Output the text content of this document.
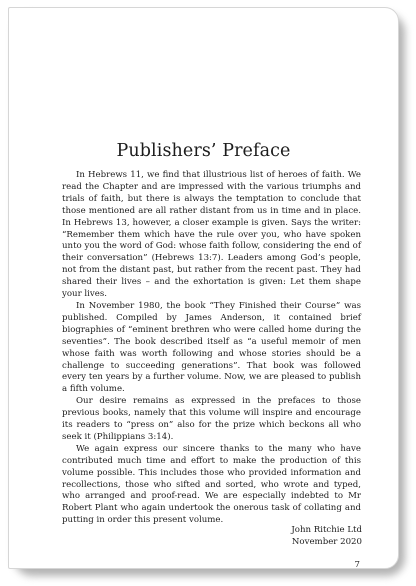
Publishers’ Preface

In Hebrews 11, we find that illustrious list of heroes of faith. We read the Chapter and are impressed with the various triumphs and trials of faith, but there is always the temptation to conclude that those mentioned are all rather distant from us in time and in place. In Hebrews 13, however, a closer example is given. Says the writer: “Remember them which have the rule over you, who have spoken unto you the word of God: whose faith follow, considering the end of their conversation” (Hebrews 13:7). Leaders among God’s people, not from the distant past, but rather from the recent past. They had shared their lives – and the exhortation is given: Let them shape your lives.

In November 1980, the book “They Finished their Course” was published. Compiled by James Anderson, it contained brief biographies of “eminent brethren who were called home during the seventies”. The book described itself as “a useful memoir of men whose faith was worth following and whose stories should be a challenge to succeeding generations”. That book was followed every ten years by a further volume. Now, we are pleased to publish a fifth volume.

Our desire remains as expressed in the prefaces to those previous books, namely that this volume will inspire and encourage its readers to “press on” also for the prize which beckons all who seek it (Philippians 3:14).

We again express our sincere thanks to the many who have contributed much time and effort to make the production of this volume possible. This includes those who provided information and recollections, those who sifted and sorted, who wrote and typed, who arranged and proof-read. We are especially indebted to Mr Robert Plant who again undertook the onerous task of collating and putting in order this present volume.

John Ritchie Ltd
November 2020
7
